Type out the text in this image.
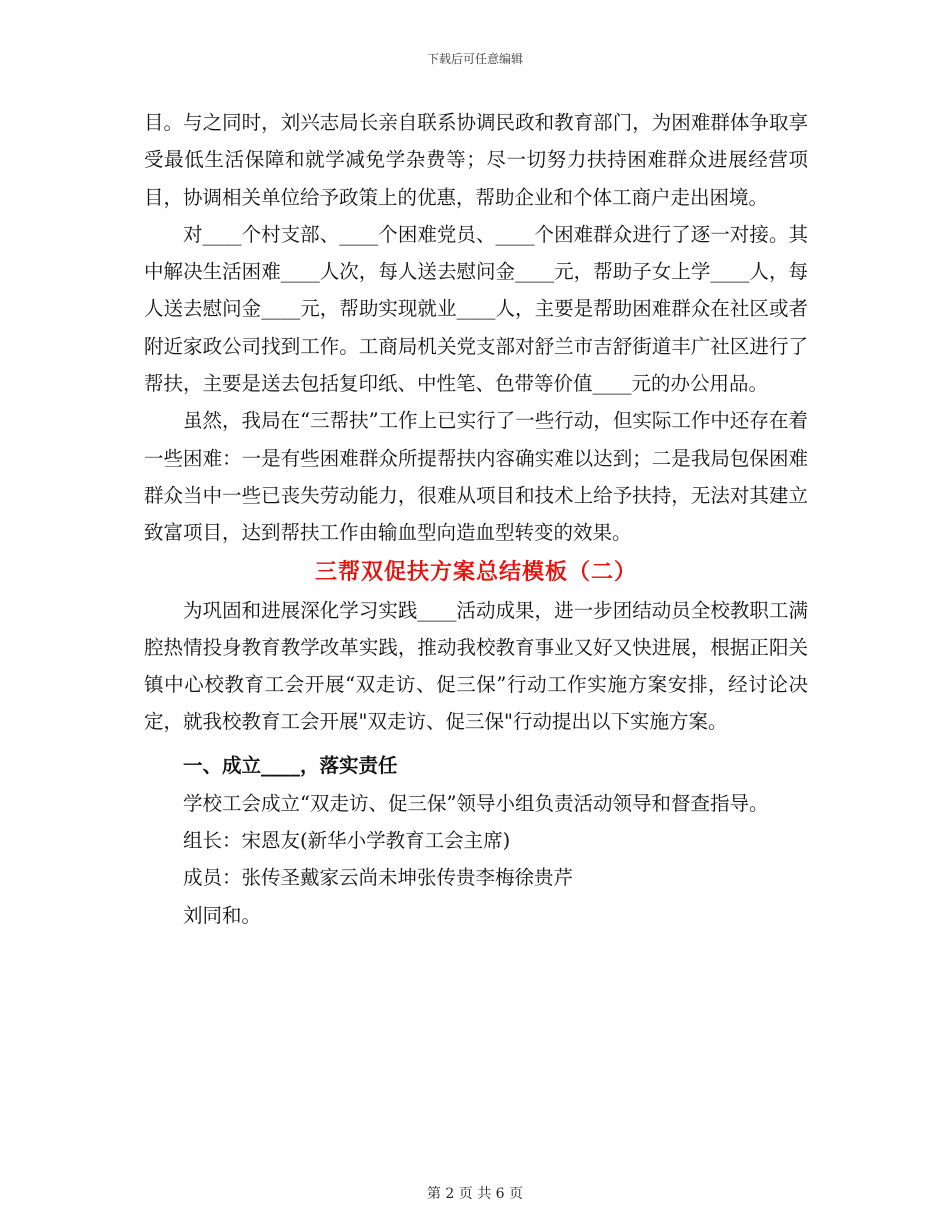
下载后可任意编辑

目。与之同时，刘兴志局长亲自联系协调民政和教育部门，为困难群体争取享受最低生活保障和就学减免学杂费等；尽一切努力扶持困难群众进展经营项目，协调相关单位给予政策上的优惠，帮助企业和个体工商户走出困境。

对____个村支部、____个困难党员、____个困难群众进行了逐一对接。其中解决生活困难____人次，每人送去慰问金____元，帮助子女上学____人，每人送去慰问金____元，帮助实现就业____人，主要是帮助困难群众在社区或者附近家政公司找到工作。工商局机关党支部对舒兰市吉舒街道丰广社区进行了帮扶，主要是送去包括复印纸、中性笔、色带等价值____元的办公用品。

虽然，我局在“三帮扶”工作上已实行了一些行动，但实际工作中还存在着一些困难：一是有些困难群众所提帮扶内容确实难以达到；二是我局包保困难群众当中一些已丧失劳动能力，很难从项目和技术上给予扶持，无法对其建立致富项目，达到帮扶工作由输血型向造血型转变的效果。

三帮双促扶方案总结模板（二）

为巩固和进展深化学习实践____活动成果，进一步团结动员全校教职工满腔热情投身教育教学改革实践，推动我校教育事业又好又快进展，根据正阳关镇中心校教育工会开展“双走访、促三保”行动工作实施方案安排，经讨论决定，就我校教育工会开展"双走访、促三保"行动提出以下实施方案。

一、成立____，落实责任

学校工会成立“双走访、促三保”领导小组负责活动领导和督查指导。

组长：宋恩友(新华小学教育工会主席)

成员：张传圣戴家云尚未坤张传贵李梅徐贵芹

刘同和。

第 2 页 共 6 页
